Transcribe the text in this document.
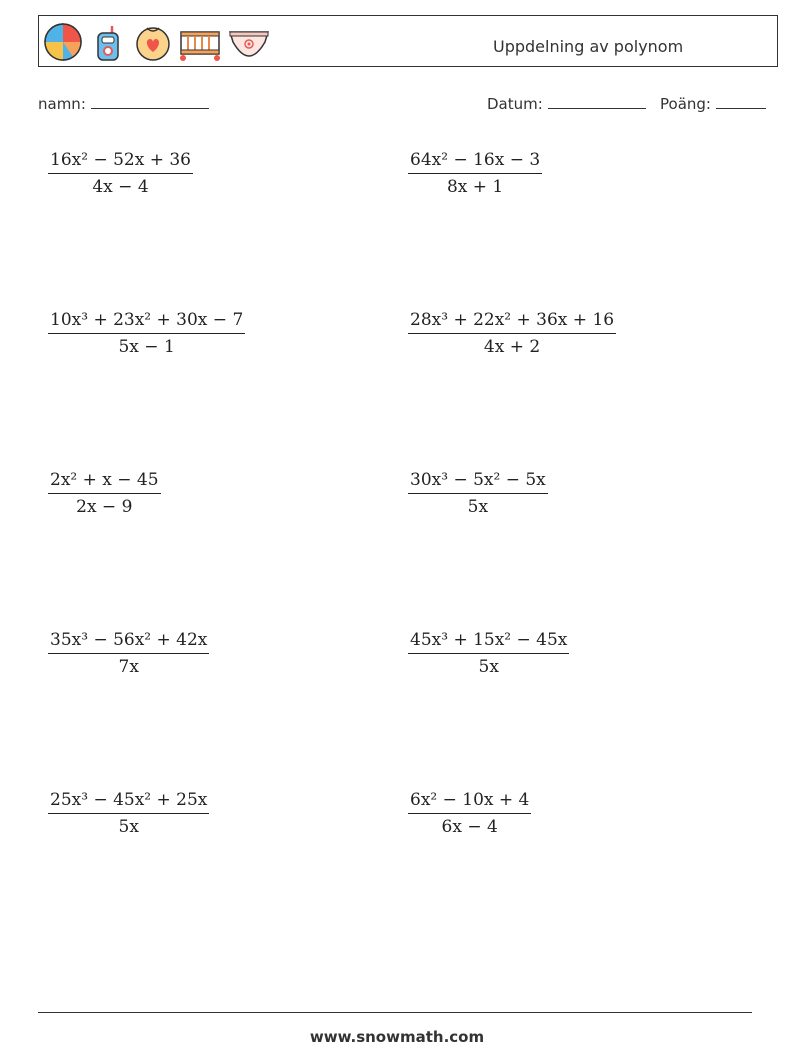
Uppdelning av polynom
namn:	Datum:	Poäng:
$\frac{\text{16x² − 52x + 36}}{4x - 4}$	$\frac{\text{64x² − 16x − 3}}{8x + 1}$
$\frac{\text{10x³ + 23x² + 30x − 7}}{5x - 1}$	$\frac{\text{28x³ + 22x² + 36x + 16}}{4x + 2}$
$\frac{\text{2x² + x − 45}}{2x - 9}$	$\frac{\text{30x³ − 5x² − 5x}}{5x}$
$\frac{\text{35x³ − 56x² + 42x}}{7x}$	$\frac{\text{45x³ + 15x² − 45x}}{5x}$
$\frac{\text{25x³ − 45x² + 25x}}{5x}$	$\frac{\text{6x² − 10x + 4}}{6x - 4}$
www.snowmath.com
